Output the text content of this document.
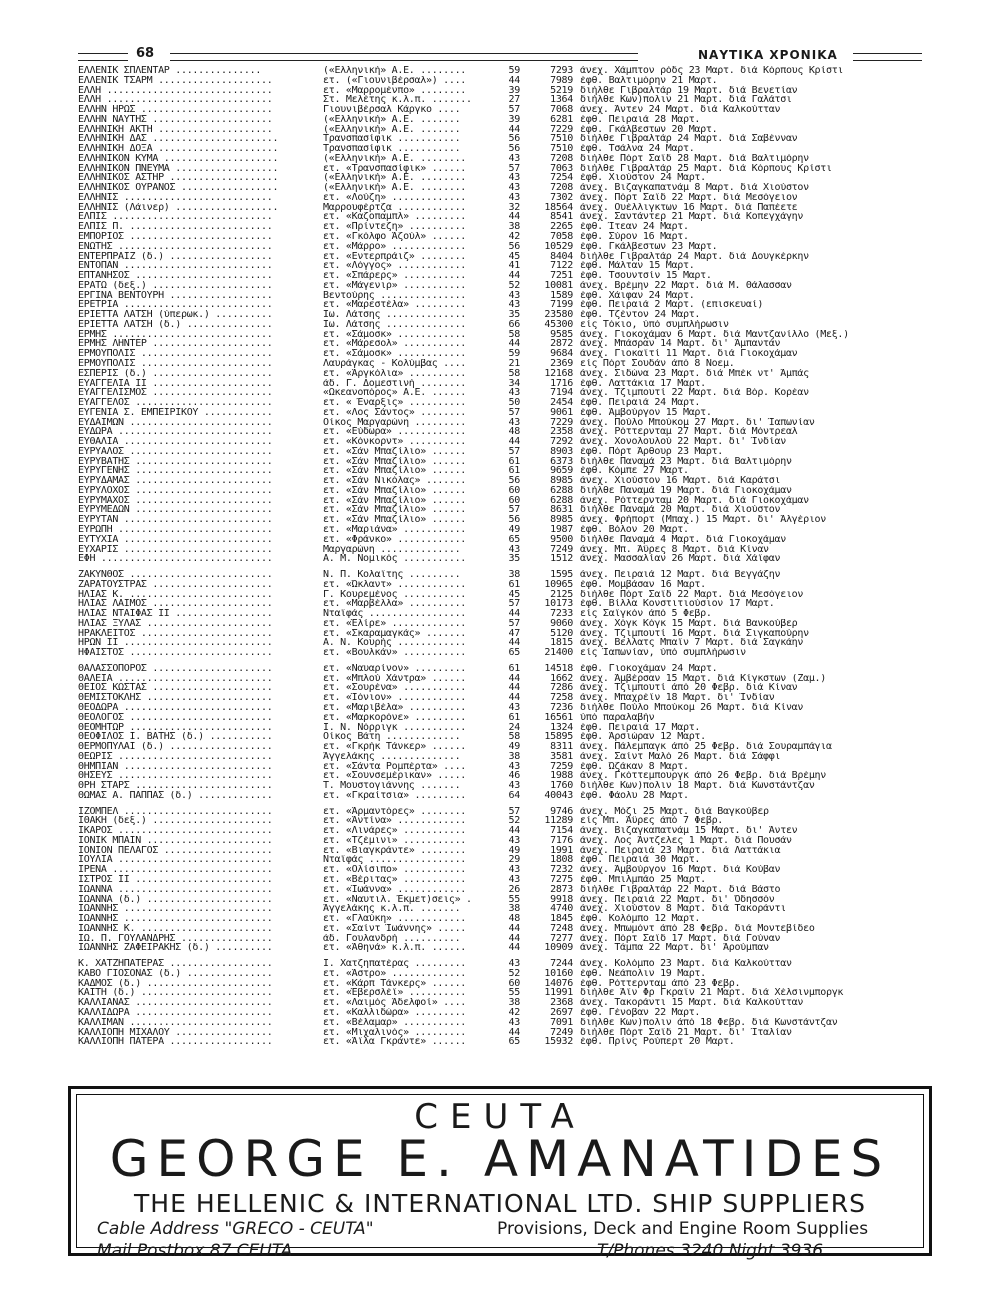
68	ΝΑΥΤΙΚΑ ΧΡΟΝΙΚΑ
ΕΛΛΕΝΙΚ ΣΠΛΕΝΤΑΡ ...............	(«Ελληνική» Α.Ε. ........	59	7293 άνεχ. Χάμπτον ρόδς 23 Μαρτ. διά Κόρπους Κρίστι
ΕΛΛΕΝΙΚ ΤΣΑΡΜ ....................	ετ. («Γιουνιβέρσαλ») ....	44	7989 έφθ. Βαλτιμόρην 21 Μαρτ.
ΕΛΛΗ .............................	ετ. «Μαρρομένπο» ........	39	5219 διήλθε Γιβραλτάρ 19 Μαρτ. διά Βενετίαν
ΕΛΛΗ .............................	Στ. Μελέτης κ.λ.π. .......	27	1364 διήλθε Κων)πολιν 21 Μαρτ. διά Γαλάτσι
ΕΛΛΗΝ ΗΡΩΣ .......................	Γιουνιβέρσαλ Κάργκο ....	57	7068 άνεχ. Άντεν 24 Μαρτ. διά Καλκούτταν
ΕΛΛΗΝ ΝΑΥΤΗΣ .....................	(«Ελληνική» Α.Ε. .......	39	6281 έφθ. Πειραιά 28 Μαρτ.
ΕΛΛΗΝΙΚΗ ΑΚΤΗ ....................	(«Ελληνική» Α.Ε. .......	44	7229 έφθ. Γκάλβεστων 20 Μαρτ.
ΕΛΛΗΝΙΚΗ ΔΑΣ ......................	Τρανσπασίφικ ...........	56	7510 διήλθε Γιβραλτάρ 24 Μαρτ. διά Σαβένναν
ΕΛΛΗΝΙΚΗ ΔΟΞΑ .....................	Τρανσπασίφικ ...........	56	7510 έφθ. Τσάλνα 24 Μαρτ.
ΕΛΛΗΝΙΚΟΝ ΚΥΜΑ ....................	(«Ελληνική» Α.Ε. ........	43	7208 διήλθε Πόρτ Σαΐδ 28 Μαρτ. διά Βαλτιμόρην
ΕΛΛΗΝΙΚΟΝ ΠΝΕΥΜΑ ..................	ετ. «Τρανσπασίφικ» ......	57	7063 διήλθε Γιβραλτάρ 25 Μαρτ. διά Κόρπους Κρίστι
ΕΛΛΗΝΙΚΟΣ ΑΣΤΗΡ ...................	(«Ελληνική» Α.Ε. ........	43	7254 έφθ. Χιούστον 24 Μαρτ.
ΕΛΛΗΝΙΚΟΣ ΟΥΡΑΝΟΣ .................	(«Ελληνική» Α.Ε. ........	43	7208 άνεχ. Βιζαγκαπατνάμ 8 Μαρτ. διά Χιούστον
ΕΛΛΗΝΙΣ ..........................	ετ. «Λούζη» .............	43	7302 άνεχ. Πόρτ Σαΐδ 22 Μαρτ. διά Μεσόγειον
ΕΛΛΗΝΙΣ (Λάινερ) ..................	Μαρρουφέρτζα ............	32	18564 άνεχ. Ουέλλιγκτων 16 Μαρτ. διά Παπέετε
ΕΛΠΙΣ ............................	ετ. «Καζοπαμπλ» .........	44	8541 άνεχ. Σαντάντερ 21 Μαρτ. διά Κοπεγχάγην
ΕΛΠΙΣ Π. .........................	ετ. «Πρίντεζη» ..........	38	2265 έφθ. Ίτεαν 24 Μαρτ.
ΕΜΠΟΡΙΟΣ .........................	ετ. «Γκόλφο Άζούλ» ......	42	7058 έφθ. Σύρον 16 Μαρτ.
ΕΝΩΤΗΣ ...........................	ετ. «Μάρρο» .............	56	10529 έφθ. Γκάλβεστων 23 Μαρτ.
ΕΝΤΕΡΠΡΑΪΖ (δ.) ..................	ετ. «Εντερπράιζ» ........	45	8404 διήλθε Γιβραλτάρ 24 Μαρτ. διά Δουγκέρκην
ΕΝΤΟΠΑΝ ..........................	ετ. «Λόγγος» ............	41	7122 έφθ. Μάλταν 15 Μαρτ.
ΕΠΤΑΝΗΣΟΣ ........................	ετ. «Σπάρερς» ...........	44	7251 έφθ. Τσουντσίν 15 Μαρτ.
ΕΡΑΤΩ (δεξ.) .....................	ετ. «Μάγενιρ» ...........	52	10081 άνεχ. Βρέμην 22 Μαρτ. διά Μ. Θάλασσαν
ΕΡΓΙΝΑ ΒΕΝΤΟΥΡΗ ..................	Βεντούρης ...............	43	1589 έφθ. Χάιφαν 24 Μαρτ.
ΕΡΕΤΡΙΑ ..........................	ετ. «Μαρεστέλα» .........	43	7199 έφθ. Πειραιά 2 Μαρτ. (επισκευαί)
ΕΡΙΕΤΤΑ ΛΑΤΣΗ (ύπερωκ.) ..........	Ίω. Λάτσης ..............	35	23580 έφθ. Τζέντον 24 Μαρτ.
ΕΡΙΕΤΤΑ ΛΑΤΣΗ (δ.) ...............	Ίω. Λάτσης ..............	66	45300 είς Τόκιο, ύπό συμπλήρωσιν
ΕΡΜΗΣ ............................	ετ. «Σάμοσκ» ............	58	9585 άνεχ. Γιοκοχάμαν 6 Μαρτ. διά Μαντζανίλλο (Μεξ.)
ΕΡΜΗΣ ΛΗΝΤΕΡ .....................	ετ. «Μάρεσολ» ...........	44	2872 άνεχ. Μπάσραν 14 Μαρτ. δι' Άμπαντάν
ΕΡΜΟΥΠΟΛΙΣ .......................	ετ. «Σάμοσκ» ............	59	9684 άνεχ. Γιοκαϊτί 11 Μαρτ. διά Γιοκοχάμαν
ΕΡΜΟΥΠΟΛΙΣ .......................	Λαυράγκας - Κολύμβας ....	21	2369 είς Πόρτ Σουδάν άπό 8 Νοεμ.
ΕΣΠΕΡΙΣ (δ.) .....................	ετ. «Άργκόλια» ..........	58	12168 άνεχ. Σιδώνα 23 Μαρτ. διά Μπέκ ντ' Άμπάς
ΕΥΑΓΓΕΛΙΑ ΙΙ .....................	άδ. Γ. Δομεστινή ........	34	1716 έφθ. Λαττάκια 17 Μαρτ.
ΕΥΑΓΓΕΛΙΣΜΟΣ .....................	«Ωκεανοπόρος» Α.Ε. ......	43	7194 άνεχ. Τζιμπουτί 22 Μαρτ. διά Βόρ. Κορέαν
ΕΥΑΓΓΕΛΟΣ ........................	ετ. « Έναρξις» ..........	50	2454 έφθ. Πειραιά 24 Μαρτ.
ΕΥΓΕΝΙΑ Σ. ΕΜΠΕΙΡΙΚΟΥ ............	ετ. «Λος Σάντος» ........	57	9061 έφθ. Άμβούργον 15 Μαρτ.
ΕΥΔΑΙΜΩΝ .........................	Οίκος Μαργαρώνη .........	43	7229 άνεχ. Πούλο Μπούκομ 27 Μαρτ. δι' Ίαπωνίαν
ΕΥΔΩΡΑ ...........................	ετ. «Εύδωρα» ............	48	2358 άνεχ. Ρόττερνταμ 27 Μαρτ. διά Μόντρεαλ
ΕΥΘΑΛΙΑ ..........................	ετ. «Κόνκορντ» ..........	44	7292 άνεχ. Χονολουλού 22 Μαρτ. δι' Ίνδίαν
ΕΥΡΥΑΛΟΣ .........................	ετ. «Σάν Μπαζίλιο» ......	57	8903 έφθ. Πόρτ Άρθουρ 23 Μαρτ.
ΕΥΡΥΒΑΤΗΣ ........................	ετ. «Σάν Μπαζίλιο» ......	61	6373 διήλθε Παναμά 23 Μαρτ. διά Βαλτιμόρην
ΕΥΡΥΓΕΝΗΣ ........................	ετ. «Σάν Μπαζίλιο» ......	61	9659 έφθ. Κόμπε 27 Μαρτ.
ΕΥΡΥΔΑΜΑΣ ........................	ετ. «Σάν Νικόλας» .......	56	8985 άνεχ. Χιούστον 16 Μαρτ. διά Καράτσι
ΕΥΡΥΛΟΧΟΣ ........................	ετ. «Σάν Μπαζίλιο» ......	60	6288 διήλθε Παναμά 19 Μαρτ. διά Γιοκοχάμαν
ΕΥΡΥΜΑΧΟΣ ........................	ετ. «Σάν Μπαζίλιο» ......	60	6288 άνεχ. Ρόττερνταμ 20 Μαρτ. διά Γιοκοχάμαν
ΕΥΡΥΜΕΔΩΝ ........................	ετ. «Σάν Μπαζίλιο» ......	57	8631 διήλθε Παναμά 20 Μαρτ. διά Χιούστον
ΕΥΡΥΤΑΝ ..........................	ετ. «Σάν Μπαζίλιο» ......	56	8985 άνεχ. Φρήπορτ (Μπαχ.) 15 Μαρτ. δι' Άλγέριον
ΕΥΡΩΠΗ ...........................	ετ. «Μαριάνα» ...........	49	1987 έφθ. Βόλον 20 Μαρτ.
ΕΥΤΥΧΙΑ ..........................	ετ. «Φράνκο» ............	65	9500 διήλθε Παναμά 4 Μαρτ. διά Γιοκοχάμαν
ΕΥΧΑΡΙΣ ..........................	Μαργαρώνη ..............	43	7249 άνεχ. Μπ. Άϋρες 8 Μαρτ. διά Κίναν
ΕΦΗ ..............................	Α. Μ. Νομικός ...........	35	1512 άνεχ. Μασσαλίαν 26 Μαρτ. διά Χάϊφαν
ΖΑΚΥΝΘΟΣ .........................	Ν. Π. Κολαΐτης .........	38	1595 άνεχ. Πειραιά 12 Μαρτ. διά Βεγγάζην
ΖΑΡΑΤΟΥΣΤΡΑΣ .....................	ετ. «Ώκλαντ» ............	61	10965 έφθ. Μομβάσαν 16 Μαρτ.
ΗΛΙΑΣ Κ. .........................	Γ. Κουρεμένος ...........	45	2125 διήλθε Πόρτ Σαΐδ 22 Μαρτ. διά Μεσόγειον
ΗΛΙΑΣ ΛΑΙΜΟΣ .....................	ετ. «Μαρβέλλα» ..........	57	10173 έφθ. Βίλλα Κονστιτιούσιον 17 Μαρτ.
ΗΛΙΑΣ ΝΤΑΪΦΑΣ ΙΙ .................	Νταϊφάς .................	44	7233 είς Σαϊγκόν άπό 5 Φεβρ.
ΗΛΙΑΣ ΞΥΛΑΣ ......................	ετ. «Έλίρε» .............	57	9060 άνεχ. Χόγκ Κόγκ 15 Μαρτ. διά Βανκούβερ
ΗΡΑΚΛΕΙΤΟΣ .......................	ετ. «Σκαραμαγκάς» .......	47	5120 άνεχ. Τζιμπουτί 16 Μαρτ. διά Σιγκαπούρην
ΗΡΩΝ ΙΙ ..........................	Α. Ν. Κουρής ............	44	1815 άνεχ. Βελλατς Μπαϊν 7 Μαρτ. διά Σαγκάην
ΗΦΑΙΣΤΟΣ .........................	ετ. «Βουλκάν» ...........	65	21400 είς Ίαπωνίαν, ύπό συμπλήρωσιν
ΘΑΛΑΣΣΟΠΟΡΟΣ .....................	ετ. «Ναυαρίνον» .........	61	14518 έφθ. Γιοκοχάμαν 24 Μαρτ.
ΘΑΛΕΙΑ ...........................	ετ. «Μπλού Χάντρα» ......	44	1662 άνεχ. Άμβέρσαν 15 Μαρτ. διά Κίγκστων (Ζαμ.)
ΘΕΙΟΣ ΚΩΣΤΑΣ .....................	ετ. «Σουρένα» ...........	44	7286 άνεχ. Τζιμπουτί άπό 20 Φεβρ. διά Κίναν
ΘΕΜΙΣΤΟΚΛΗΣ ......................	ετ. «Ίόνιον» ............	44	7258 άνεχ. Μπαχρέϊν 18 Μαρτ. δι' Ίνδίαν
ΘΕΟΔΩΡΑ ..........................	ετ. «Μαριβέλα» ..........	43	7236 διήλθε Πούλο Μπούκομ 26 Μαρτ. διά Κίναν
ΘΕΟΛΟΓΟΣ .........................	ετ. «Μαρκορόνε» .........	61	16561 ύπό παραλαβήν
ΘΕΟΜΗΤΩΡ .........................	Ι. Ν. Νόρριγκ ...........	24	1324 έφθ. Πειραιά 17 Μαρτ.
ΘΕΟΦΙΛΟΣ Ι. ΒΑΤΗΣ (δ.) ...........	Οίκος Βάτη .............	58	15895 έφθ. Άρσιώραν 12 Μαρτ.
ΘΕΡΜΟΠΥΛΑΙ (δ.) ..................	ετ. «Γκρήκ Τάνκερ» ......	49	8311 άνεχ. Πάλεμπαγκ άπό 25 Φεβρ. διά Σουραμπάγια
ΘΕΩΡΙΣ ...........................	Άγγελάκης ..............	38	3581 άνεχ. Σαίντ Μαλό 26 Μαρτ. διά Σάφφι
ΘΗΜΠΙΑΝ ..........................	ετ. «Σάντα Ρομπέρτα» ....	43	7259 έφθ. Ώζάκαν 8 Μαρτ.
ΘΗΣΕΥΣ ...........................	ετ. «Σουνσεμέρικαν» .....	46	1988 άνεχ. Γκόττεμπουργκ άπό 26 Φεβρ. διά Βρέμην
ΘΡΗ ΣΤΑΡΣ ........................	Τ. Μουστογιάννης .......	43	1760 διήλθε Κων)πολιν 18 Μαρτ. διά Κωνστάντζαν
ΘΩΜΑΣ Α. ΠΑΠΠΑΣ (δ.) .............	ετ. «Γκραίτσια» .........	64	40043 έφθ. Φάολυ 28 Μαρτ.
ΙΖΟΜΠΕΛ ..........................	ετ. «Άρμαντόρες» ........	57	9746 άνεχ. Μόζι 25 Μαρτ. διά Βαγκούβερ
ΙΘΑΚΗ (δεξ.) .....................	ετ. «Άντίνα» ............	52	11289 είς Μπ. Άϋρες άπό 7 Φεβρ.
ΙΚΑΡΟΣ ...........................	ετ. «Λινάρες» ...........	44	7154 άνεχ. Βιζαγκαπατνάμ 15 Μαρτ. δι' Άντεν
ΙΟΝΙΚ ΜΠΑΪΝ ......................	ετ. «Τζέμινι» ...........	43	7176 άνεχ. Λος Άντζελες 1 Μαρτ. διά Πουσάν
ΙΟΝΙΟΝ ΠΕΛΑΓΟΣ ...................	ετ. «Βιαγκράντε» ........	49	1991 άνεχ. Πειραιά 23 Μαρτ. διά Λαττάκια
ΙΟΥΛΙΑ ...........................	Νταϊφάς .................	29	1808 έφθ. Πειραιά 30 Μαρτ.
ΙΡΕΝΑ ............................	ετ. «Ολίσιπο» ...........	43	7232 άνεχ. Άμβούργον 16 Μαρτ. διά Κούβαν
ΙΣΤΡΟΣ ΙΙ ........................	ετ. «Βέριτας» ...........	43	7275 έφθ. Μπιλμπάο 25 Μαρτ.
ΙΩΑΝΝΑ ...........................	ετ. «Ίωάννα» ............	26	2873 διήλθε Γιβραλτάρ 22 Μαρτ. διά Βάστο
ΙΩΑΝΝΑ (δ.) ......................	ετ. «Ναυτιλ. Έκμετ)σεις» .	55	9918 άνεχ. Πειραιά 22 Μαρτ. δι' Όδησσόν
ΙΩΑΝΝΗΣ ..........................	Άγγελάκης κ.λ.π. .......	38	4740 άνεχ. Χιούστον 8 Μαρτ. διά Τακοράντι
ΙΩΑΝΝΗΣ ..........................	ετ. «Γλαύκη» ............	48	1845 έφθ. Κολόμπο 12 Μαρτ.
ΙΩΑΝΝΗΣ Κ. .......................	ετ. «Σαίντ Ίωάννης» .....	44	7248 άνεχ. Μπωμόντ άπό 28 Φεβρ. διά Μοντεβίδεο
ΙΩ. Π. ΓΟΥΛΑΝΔΡΗΣ ................	άδ. Γουλανδρή ..........	44	7277 άνεχ. Πόρτ Σαΐδ 17 Μαρτ. διά Γούναν
ΙΩΑΝΝΗΣ ΖΑΦΕΙΡΑΚΗΣ (δ.) ..........	ετ. «Άθηνά» κ.λ.π. ......	44	10909 άνεχ. Τάμπα 22 Μαρτ. δι' Άρούμπαν
Κ. ΧΑΤΖΗΠΑΤΕΡΑΣ ..................	Ι. Χατζηπατέρας .........	43	7244 άνεχ. Κολόμπο 23 Μαρτ. διά Καλκούτταν
ΚΑΒΟ ΓΙΟΣΟΝΑΣ (δ.) ...............	ετ. «Άστρο» .............	52	10160 έφθ. Νεάπολιν 19 Μαρτ.
ΚΑΔΜΟΣ (δ.) ......................	ετ. «Κάρπ Τάνκερς» ......	60	14076 έφθ. Ρόττερνταμ άπό 23 Φεβρ.
ΚΑΙΤΗ (δ.) .......................	ετ. «Έβερσλέϊ» ..........	55	11991 διήλθε Άϊν Φρ Γκραϊν 21 Μαρτ. διά Χέλσινμποργκ
ΚΑΛΛΙΑΝΑΣ ........................	ετ. «Λαιμός Άδελφοί» ....	38	2368 άνεχ. Τακοράντι 15 Μαρτ. διά Καλκούτταν
ΚΑΛΛΙΔΩΡΑ ........................	ετ. «Καλλιδώρα» .........	42	2697 έφθ. Γένοβαν 22 Μαρτ.
ΚΑΛΛΙΜΑΝ .........................	ετ. «Βέλαμαρ» ...........	43	7091 διήλθε Κων)πολιν άπό 18 Φεβρ. διά Κωνστάντζαν
ΚΑΛΛΙΟΠΗ ΜΙΧΑΛΟΥ .................	ετ. «Μιχαλινός» .........	44	7249 διήλθε Πόρτ Σαΐδ 21 Μαρτ. δι' Ίταλίαν
ΚΑΛΛΙΟΠΗ ΠΑΤΕΡΑ ..................	ετ. «Άϊλα Γκράντε» ......	65	15932 έφθ. Πρίνς Ρούπερτ 20 Μαρτ.
CEUTA
GEORGE E. AMANATIDES
THE HELLENIC & INTERNATIONAL LTD. SHIP SUPPLIERS
Cable Address "GRECO - CEUTA"	Provisions, Deck and Engine Room Supplies
Mail Postbox 87 CEUTA	T/Phones 3240 Night 3936
